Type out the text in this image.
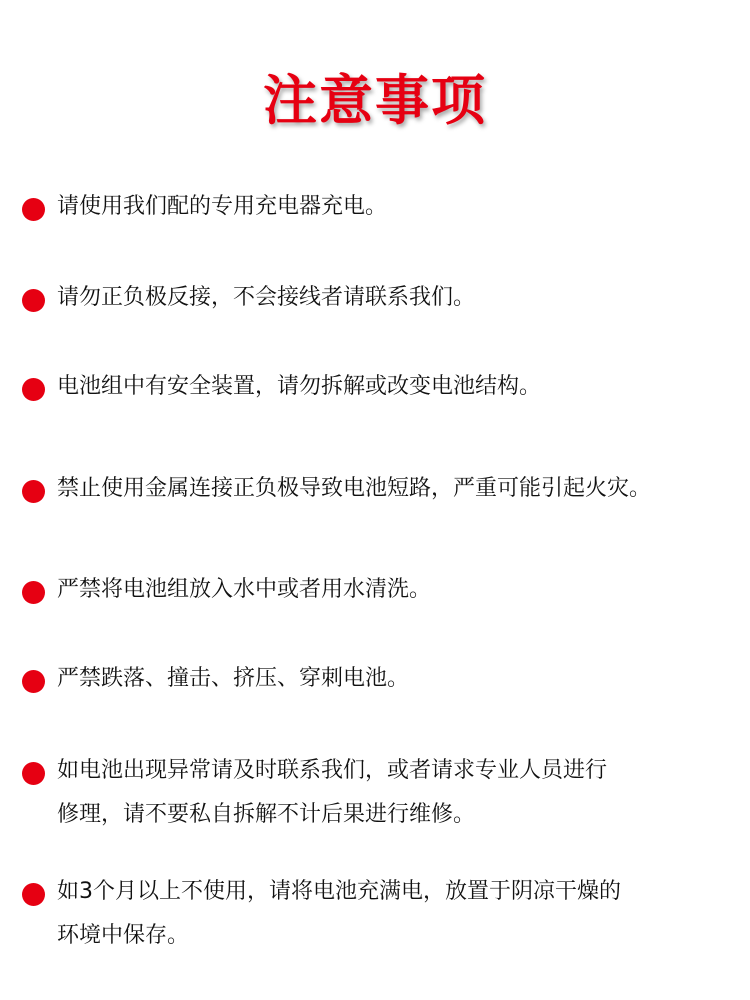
注意事项
请使用我们配的专用充电器充电。
请勿正负极反接，不会接线者请联系我们。
电池组中有安全装置，请勿拆解或改变电池结构。
禁止使用金属连接正负极导致电池短路，严重可能引起火灾。
严禁将电池组放入水中或者用水清洗。
严禁跌落、撞击、挤压、穿刺电池。
如电池出现异常请及时联系我们，或者请求专业人员进行
修理，请不要私自拆解不计后果进行维修。
如3个月以上不使用，请将电池充满电，放置于阴凉干燥的
环境中保存。
